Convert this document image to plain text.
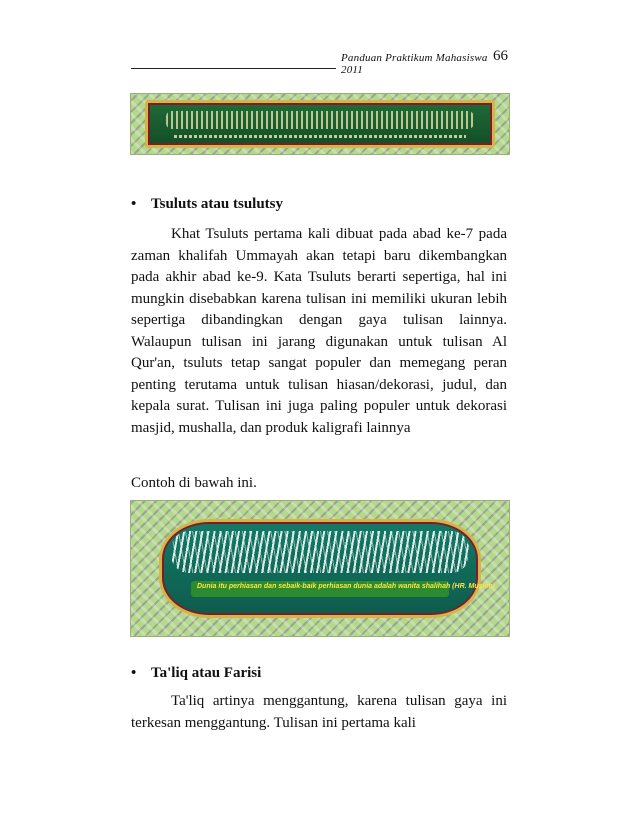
Panduan Praktikum Mahasiswa 2011
66
• Tsuluts atau tsulutsy

Khat Tsuluts pertama kali dibuat pada abad ke-7 pada zaman khalifah Ummayah akan tetapi baru dikembangkan pada akhir abad ke-9. Kata Tsuluts berarti sepertiga, hal ini mungkin disebabkan karena tulisan ini memiliki ukuran lebih sepertiga dibandingkan dengan gaya tulisan lainnya. Walaupun tulisan ini jarang digunakan untuk tulisan Al Qur'an, tsuluts tetap sangat populer dan memegang peran penting terutama untuk tulisan hiasan/dekorasi, judul, dan kepala surat. Tulisan ini juga paling populer untuk dekorasi masjid, mushalla, dan produk kaligrafi lainnya

Contoh di bawah ini.
Dunia itu perhiasan dan sebaik-baik perhiasan dunia adalah wanita shalihah (HR. Muslim)
• Ta'liq atau Farisi

Ta'liq artinya menggantung, karena tulisan gaya ini terkesan menggantung. Tulisan ini pertama kali
